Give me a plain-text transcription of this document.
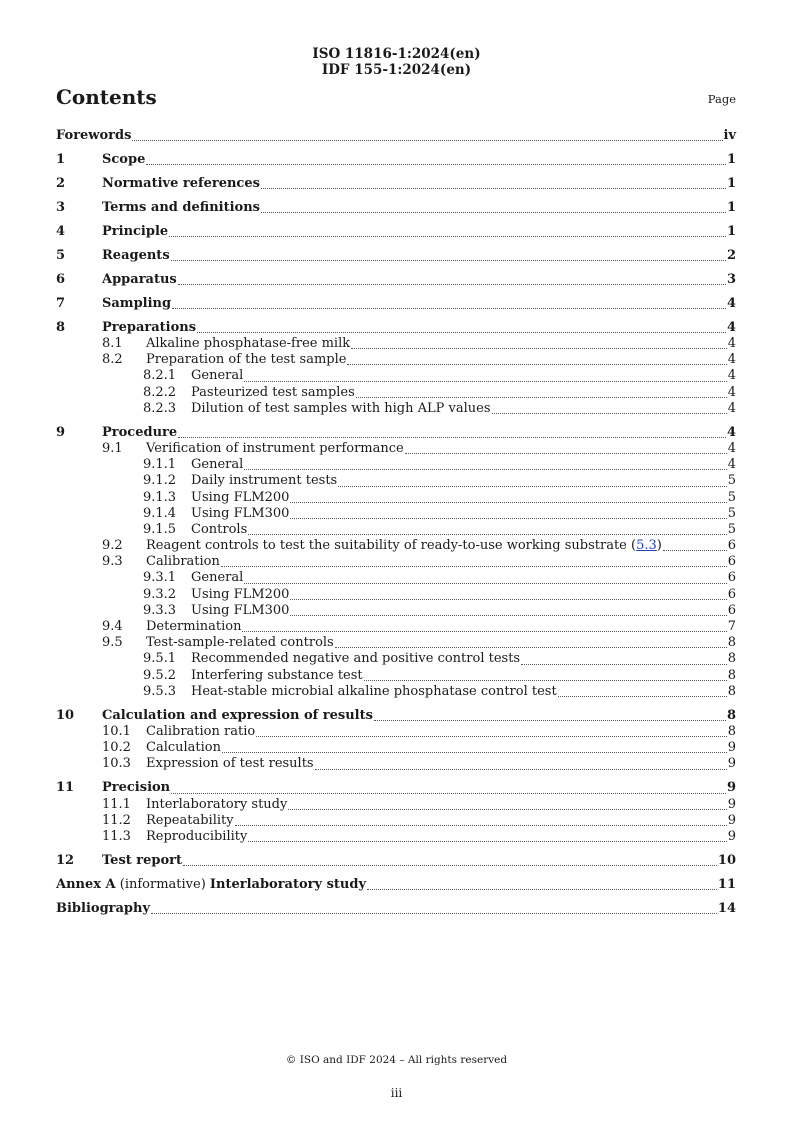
ISO 11816-1:2024(en)
IDF 155-1:2024(en)
Contents	Page
Forewords	iv
1	Scope	1
2	Normative references	1
3	Terms and definitions	1
4	Principle	1
5	Reagents	2
6	Apparatus	3
7	Sampling	4
8	Preparations	4
8.1	Alkaline phosphatase-free milk	4
8.2	Preparation of the test sample	4
8.2.1	General	4
8.2.2	Pasteurized test samples	4
8.2.3	Dilution of test samples with high ALP values	4
9	Procedure	4
9.1	Verification of instrument performance	4
9.1.1	General	4
9.1.2	Daily instrument tests	5
9.1.3	Using FLM200	5
9.1.4	Using FLM300	5
9.1.5	Controls	5
9.2	Reagent controls to test the suitability of ready-to-use working substrate (5.3)	6
9.3	Calibration	6
9.3.1	General	6
9.3.2	Using FLM200	6
9.3.3	Using FLM300	6
9.4	Determination	7
9.5	Test-sample-related controls	8
9.5.1	Recommended negative and positive control tests	8
9.5.2	Interfering substance test	8
9.5.3	Heat-stable microbial alkaline phosphatase control test	8
10	Calculation and expression of results	8
10.1	Calibration ratio	8
10.2	Calculation	9
10.3	Expression of test results	9
11	Precision	9
11.1	Interlaboratory study	9
11.2	Repeatability	9
11.3	Reproducibility	9
12	Test report	10
Annex A (informative) Interlaboratory study	11
Bibliography	14
© ISO and IDF 2024 – All rights reserved
iii
